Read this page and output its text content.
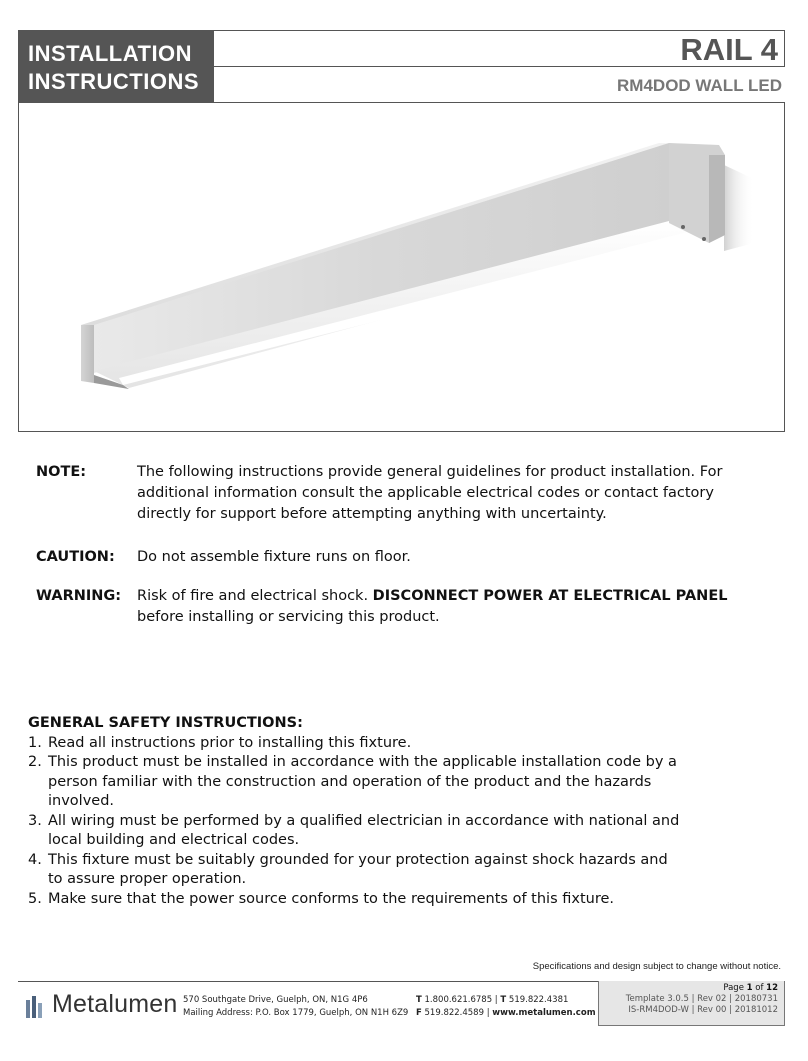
INSTALLATION
INSTRUCTIONS
RAIL 4
RM4DOD WALL LED
NOTE:	The following instructions provide general guidelines for product installation. For additional information consult the applicable electrical codes or contact factory directly for support before attempting anything with uncertainty.
CAUTION: Do not assemble fixture runs on floor.
WARNING: Risk of fire and electrical shock. DISCONNECT POWER AT ELECTRICAL PANEL before installing or servicing this product.
GENERAL SAFETY INSTRUCTIONS:
1. Read all instructions prior to installing this fixture.
2. This product must be installed in accordance with the applicable installation code by a person familiar with the construction and operation of the product and the hazards involved.
3. All wiring must be performed by a qualified electrician in accordance with national and local building and electrical codes.
4. This fixture must be suitably grounded for your protection against shock hazards and to assure proper operation.
5. Make sure that the power source conforms to the requirements of this fixture.
Specifications and design subject to change without notice.
Metalumen 570 Southgate Drive, Guelph, ON, N1G 4P6
Mailing Address: P.O. Box 1779, Guelph, ON N1H 6Z9
T 1.800.621.6785 | T 519.822.4381
F 519.822.4589 | www.metalumen.com
Page 1 of 12
Template 3.0.5 | Rev 02 | 20180731
IS-RM4DOD-W | Rev 00 | 20181012
